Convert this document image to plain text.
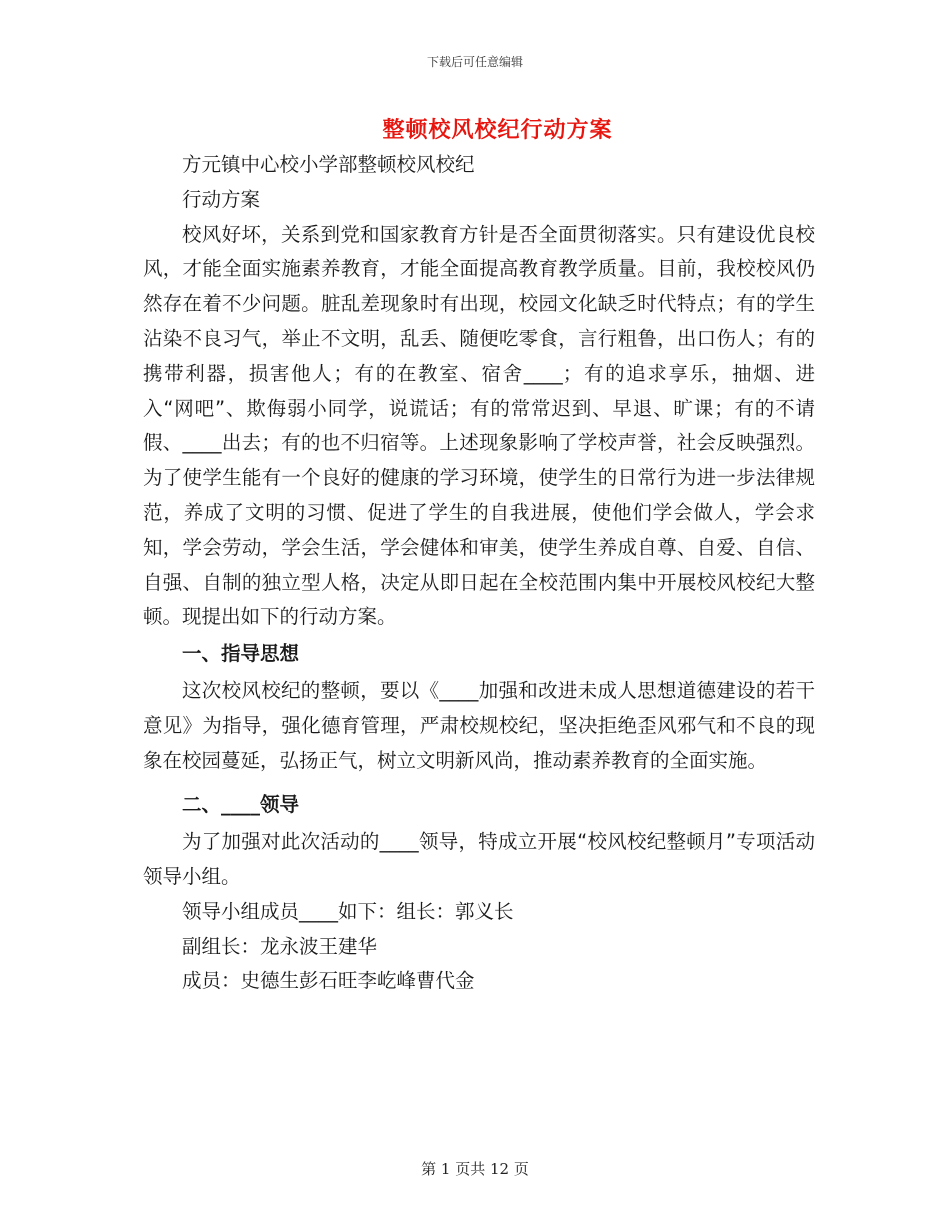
下载后可任意编辑
整顿校风校纪行动方案

方元镇中心校小学部整顿校风校纪

行动方案

校风好坏，关系到党和国家教育方针是否全面贯彻落实。只有建设优良校风，才能全面实施素养教育，才能全面提高教育教学质量。目前，我校校风仍然存在着不少问题。脏乱差现象时有出现，校园文化缺乏时代特点；有的学生沾染不良习气，举止不文明，乱丢、随便吃零食，言行粗鲁，出口伤人；有的携带利器，损害他人；有的在教室、宿舍____；有的追求享乐，抽烟、进入“网吧”、欺侮弱小同学，说谎话；有的常常迟到、早退、旷课；有的不请假、____出去；有的也不归宿等。上述现象影响了学校声誉，社会反映强烈。为了使学生能有一个良好的健康的学习环境，使学生的日常行为进一步法律规范，养成了文明的习惯、促进了学生的自我进展，使他们学会做人，学会求知，学会劳动，学会生活，学会健体和审美，使学生养成自尊、自爱、自信、自强、自制的独立型人格，决定从即日起在全校范围内集中开展校风校纪大整顿。现提出如下的行动方案。

一、指导思想

这次校风校纪的整顿，要以《____加强和改进未成人思想道德建设的若干意见》为指导，强化德育管理，严肃校规校纪，坚决拒绝歪风邪气和不良的现象在校园蔓延，弘扬正气，树立文明新风尚，推动素养教育的全面实施。

二、____领导

为了加强对此次活动的____领导，特成立开展“校风校纪整顿月”专项活动领导小组。

领导小组成员____如下：组长：郭义长

副组长：龙永波王建华

成员：史德生彭石旺李屹峰曹代金

第 1 页共 12 页
